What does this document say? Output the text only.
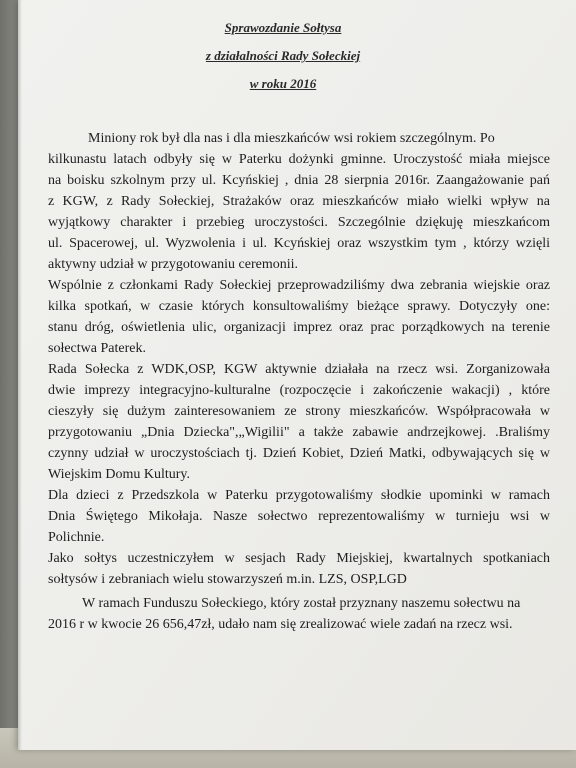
Sprawozdanie Sołtysa
z działalności Rady Sołeckiej
w roku 2016
Miniony rok był dla nas i dla mieszkańców wsi rokiem szczególnym. Po
kilkunastu latach odbyły się w Paterku dożynki gminne. Uroczystość miała miejsce
na boisku szkolnym przy ul. Kcyńskiej , dnia 28 sierpnia 2016r. Zaangażowanie pań
z KGW, z Rady Sołeckiej, Strażaków oraz mieszkańców miało wielki wpływ na
wyjątkowy charakter i przebieg uroczystości. Szczególnie dziękuję mieszkańcom
ul. Spacerowej, ul. Wyzwolenia i ul. Kcyńskiej oraz wszystkim tym , którzy wzięli
aktywny udział w przygotowaniu ceremonii.
Wspólnie z członkami Rady Sołeckiej przeprowadziliśmy dwa zebrania wiejskie oraz
kilka spotkań, w czasie których konsultowaliśmy bieżące sprawy. Dotyczyły one:
stanu dróg, oświetlenia ulic, organizacji imprez oraz prac porządkowych na terenie
sołectwa Paterek.
Rada Sołecka z WDK,OSP, KGW aktywnie działała na rzecz wsi. Zorganizowała
dwie imprezy integracyjno-kulturalne (rozpoczęcie i zakończenie wakacji) , które
cieszyły się dużym zainteresowaniem ze strony mieszkańców. Współpracowała w
przygotowaniu „Dnia Dziecka",„Wigilii" a także zabawie andrzejkowej. .Braliśmy
czynny udział w uroczystościach tj. Dzień Kobiet, Dzień Matki, odbywających się w
Wiejskim Domu Kultury.
Dla dzieci z Przedszkola w Paterku przygotowaliśmy słodkie upominki w ramach
Dnia Świętego Mikołaja. Nasze sołectwo reprezentowaliśmy w turnieju wsi w
Polichnie.
Jako sołtys uczestniczyłem w sesjach Rady Miejskiej, kwartalnych spotkaniach
sołtysów i zebraniach wielu stowarzyszeń m.in. LZS, OSP,LGD
W ramach Funduszu Sołeckiego, który został przyznany naszemu sołectwu na
2016 r w kwocie 26 656,47zł, udało nam się zrealizować wiele zadań na rzecz wsi.
